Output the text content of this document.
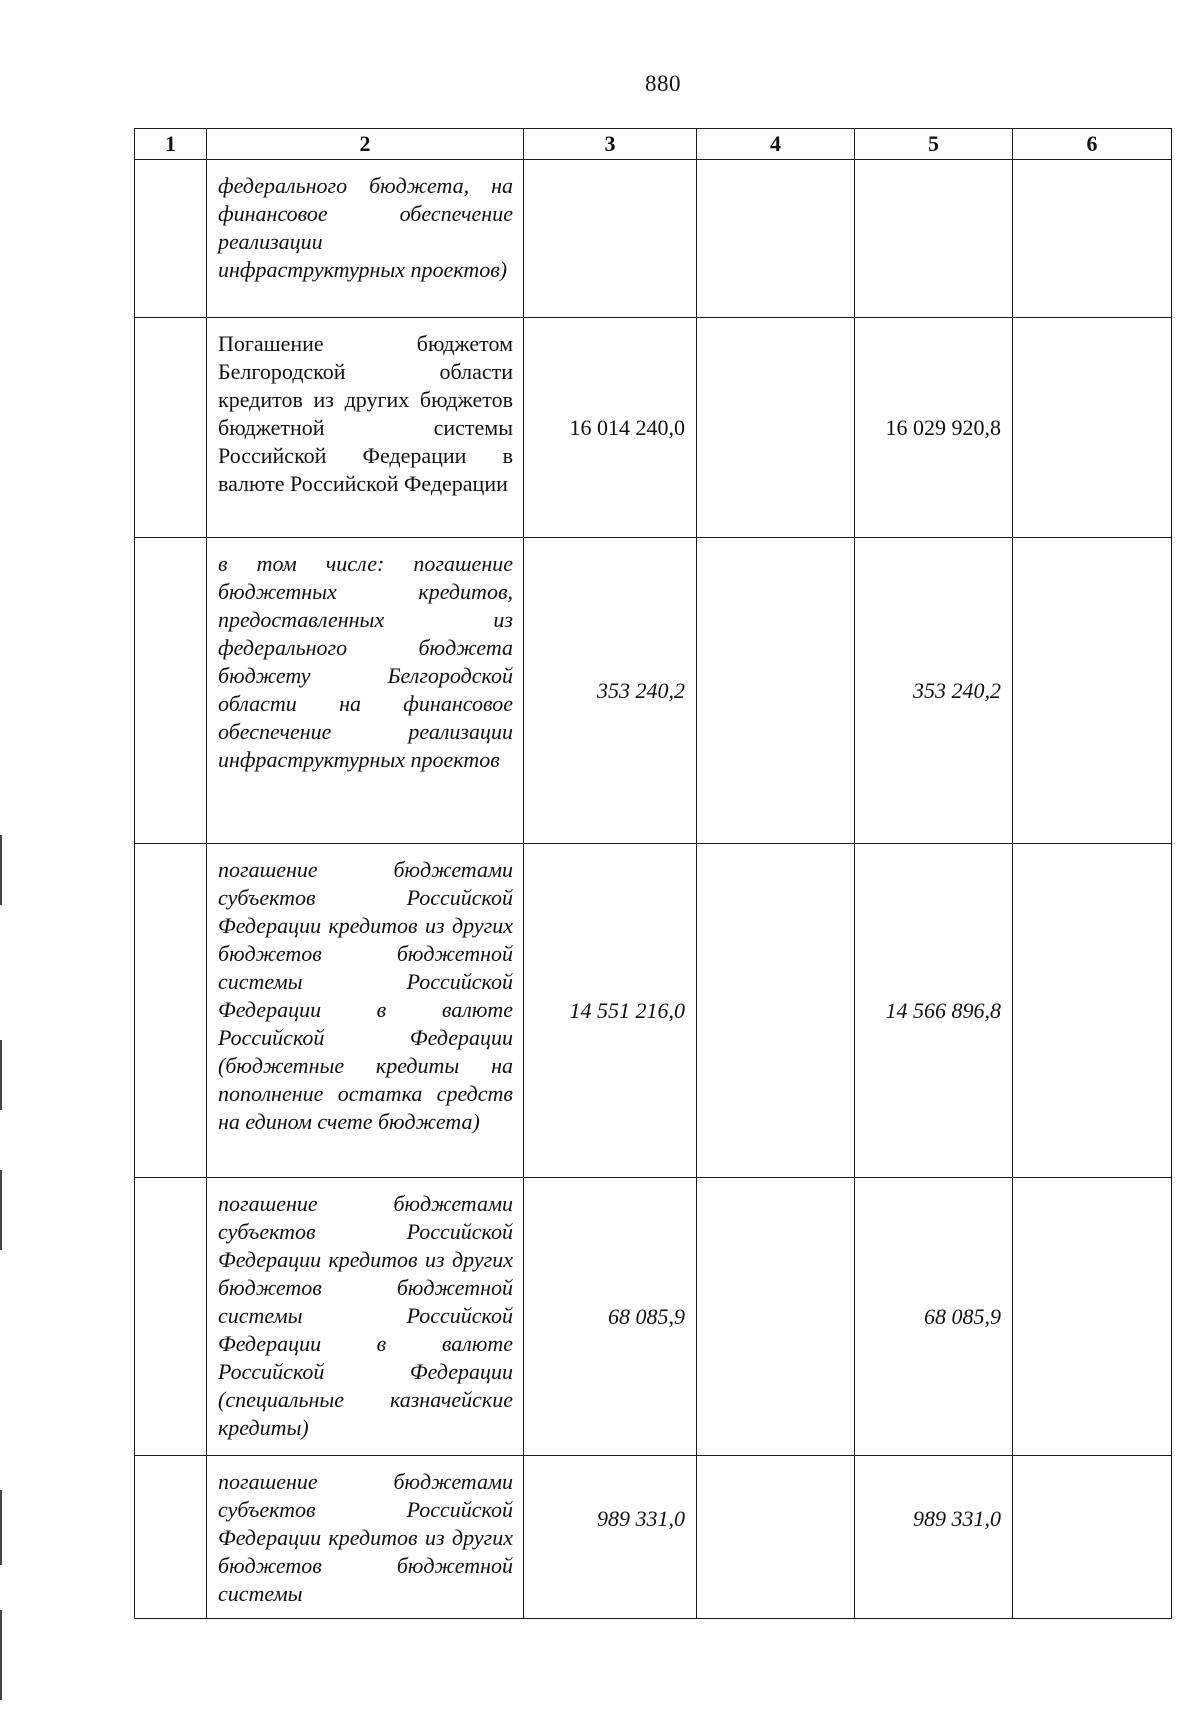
880
1	2	3	4	5	6
	федерального бюджета, на финансовое обеспечение реализации инфраструктурных проектов)				
	Погашение бюджетом Белгородской области кредитов из других бюджетов бюджетной системы Российской Федерации в валюте Российской Федерации	16 014 240,0		16 029 920,8	
	в том числе: погашение бюджетных кредитов, предоставленных из федерального бюджета бюджету Белгородской области на финансовое обеспечение реализации инфраструктурных проектов	353 240,2		353 240,2	
	погашение бюджетами субъектов Российской Федерации кредитов из других бюджетов бюджетной системы Российской Федерации в валюте Российской Федерации (бюджетные кредиты на пополнение остатка средств на едином счете бюджета)	14 551 216,0		14 566 896,8	
	погашение бюджетами субъектов Российской Федерации кредитов из других бюджетов бюджетной системы Российской Федерации в валюте Российской Федерации (специальные казначейские кредиты)	68 085,9		68 085,9	
	погашение бюджетами субъектов Российской Федерации кредитов из других бюджетов бюджетной системы	989 331,0		989 331,0	
